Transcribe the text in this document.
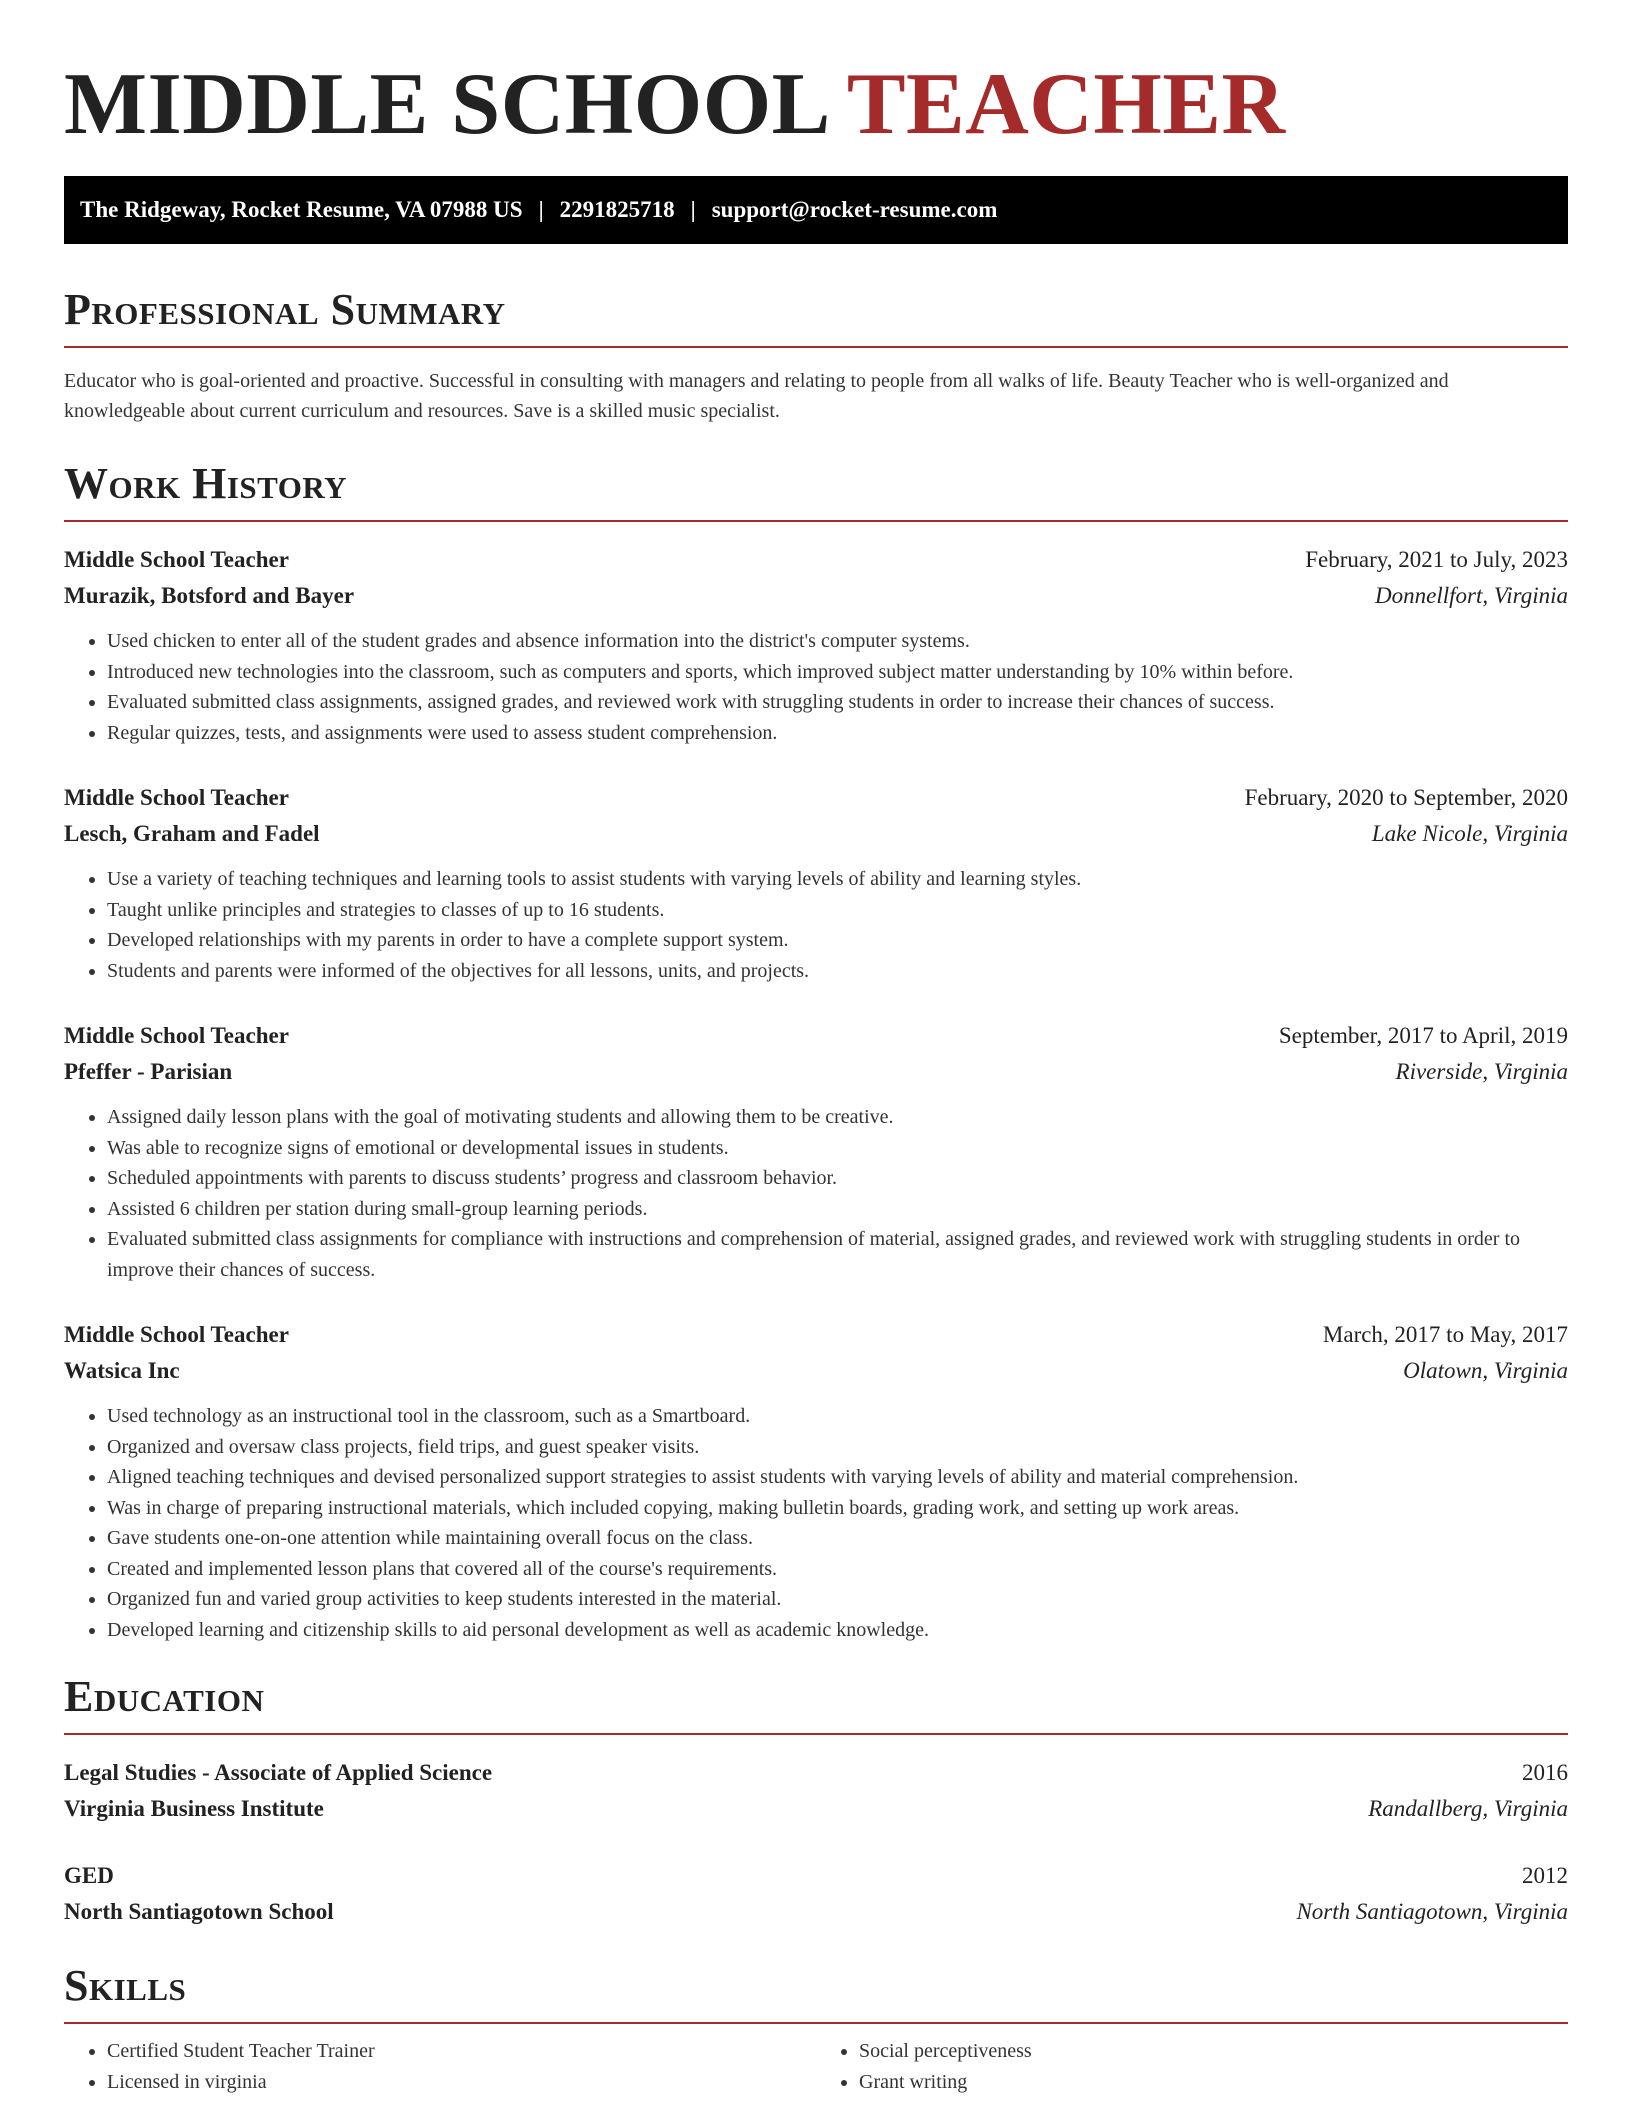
MIDDLE SCHOOL TEACHER
The Ridgeway, Rocket Resume, VA 07988 US | 2291825718 | support@rocket-resume.com
Professional Summary

Educator who is goal-oriented and proactive. Successful in consulting with managers and relating to people from all walks of life. Beauty Teacher who is well-organized and knowledgeable about current curriculum and resources. Save is a skilled music specialist.

Work History
Middle School Teacher	February, 2021 to July, 2023
Murazik, Botsford and Bayer	Donnellfort, Virginia
• Used chicken to enter all of the student grades and absence information into the district's computer systems.
• Introduced new technologies into the classroom, such as computers and sports, which improved subject matter understanding by 10% within before.
• Evaluated submitted class assignments, assigned grades, and reviewed work with struggling students in order to increase their chances of success.
• Regular quizzes, tests, and assignments were used to assess student comprehension.
Middle School Teacher	February, 2020 to September, 2020
Lesch, Graham and Fadel	Lake Nicole, Virginia
• Use a variety of teaching techniques and learning tools to assist students with varying levels of ability and learning styles.
• Taught unlike principles and strategies to classes of up to 16 students.
• Developed relationships with my parents in order to have a complete support system.
• Students and parents were informed of the objectives for all lessons, units, and projects.
Middle School Teacher	September, 2017 to April, 2019
Pfeffer - Parisian	Riverside, Virginia
• Assigned daily lesson plans with the goal of motivating students and allowing them to be creative.
• Was able to recognize signs of emotional or developmental issues in students.
• Scheduled appointments with parents to discuss students’ progress and classroom behavior.
• Assisted 6 children per station during small-group learning periods.
• Evaluated submitted class assignments for compliance with instructions and comprehension of material, assigned grades, and reviewed work with struggling students in order to improve their chances of success.
Middle School Teacher	March, 2017 to May, 2017
Watsica Inc	Olatown, Virginia
• Used technology as an instructional tool in the classroom, such as a Smartboard.
• Organized and oversaw class projects, field trips, and guest speaker visits.
• Aligned teaching techniques and devised personalized support strategies to assist students with varying levels of ability and material comprehension.
• Was in charge of preparing instructional materials, which included copying, making bulletin boards, grading work, and setting up work areas.
• Gave students one-on-one attention while maintaining overall focus on the class.
• Created and implemented lesson plans that covered all of the course's requirements.
• Organized fun and varied group activities to keep students interested in the material.
• Developed learning and citizenship skills to aid personal development as well as academic knowledge.
Education
Legal Studies - Associate of Applied Science	2016
Virginia Business Institute	Randallberg, Virginia
GED	2012
North Santiagotown School	North Santiagotown, Virginia
Skills
• Certified Student Teacher Trainer
• Licensed in virginia
• Social perceptiveness
• Grant writing
